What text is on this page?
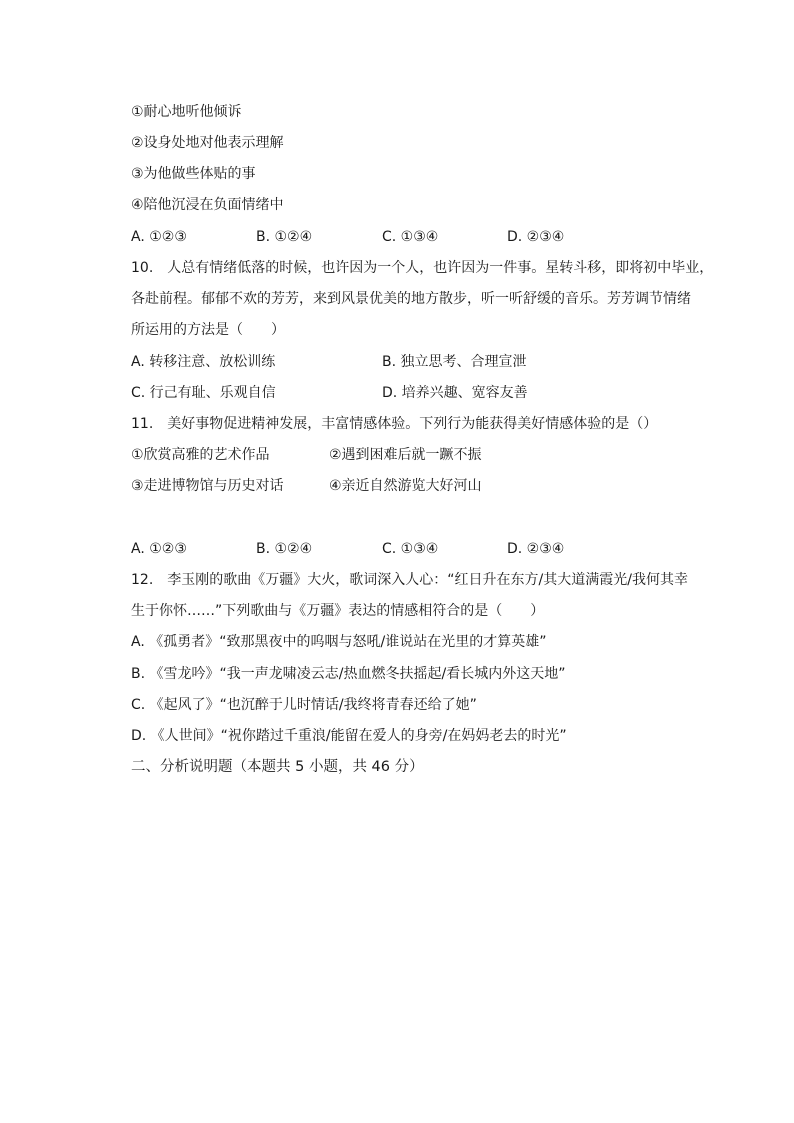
①耐心地听他倾诉
②设身处地对他表示理解
③为他做些体贴的事
④陪他沉浸在负面情绪中
A. ①②③	B. ①②④	C. ①③④	D. ②③④
10.　人总有情绪低落的时候，也许因为一个人，也许因为一件事。星转斗移，即将初中毕业，
各赴前程。郁郁不欢的芳芳，来到风景优美的地方散步，听一听舒缓的音乐。芳芳调节情绪
所运用的方法是（　　）
A. 转移注意、放松训练	B. 独立思考、合理宣泄
C. 行己有耻、乐观自信	D. 培养兴趣、宽容友善
11.　美好事物促进精神发展，丰富情感体验。下列行为能获得美好情感体验的是（）
①欣赏高雅的艺术作品	②遇到困难后就一蹶不振
③走进博物馆与历史对话	④亲近自然游览大好河山
A. ①②③	B. ①②④	C. ①③④	D. ②③④
12.　李玉刚的歌曲《万疆》大火，歌词深入人心：“红日升在东方/其大道满霞光/我何其幸
生于你怀……”下列歌曲与《万疆》表达的情感相符合的是（　　）
A. 《孤勇者》“致那黑夜中的呜咽与怒吼/谁说站在光里的才算英雄”
B. 《雪龙吟》“我一声龙啸凌云志/热血燃冬扶摇起/看长城内外这天地”
C. 《起风了》“也沉醉于儿时情话/我终将青春还给了她”
D. 《人世间》“祝你踏过千重浪/能留在爱人的身旁/在妈妈老去的时光”
二、分析说明题（本题共 5 小题，共 46 分）
